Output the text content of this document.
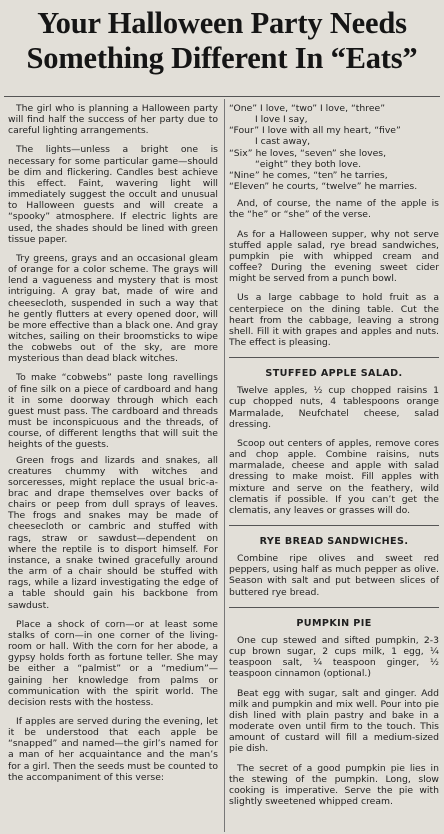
Your Halloween Party Needs
Something Different In “Eats”

The girl who is planning a Halloween party will find half the success of her party due to careful lighting arrangements.

The lights—unless a bright one is necessary for some particular game—should be dim and flickering. Candles best achieve this effect. Faint, wavering light will immediately suggest the occult and unusual to Halloween guests and will create a “spooky” atmosphere. If electric lights are used, the shades should be lined with green tissue paper.

Try greens, grays and an occasional gleam of orange for a color scheme. The grays will lend a vagueness and mystery that is most intriguing. A gray bat, made of wire and cheesecloth, suspended in such a way that he gently flutters at every opened door, will be more effective than a black one. And gray witches, sailing on their broomsticks to wipe the cobwebs out of the sky, are more mysterious than dead black witches.

To make “cobwebs” paste long ravellings of fine silk on a piece of cardboard and hang it in some doorway through which each guest must pass. The cardboard and threads must be inconspicuous and the threads, of course, of different lengths that will suit the heights of the guests.

Green frogs and lizards and snakes, all creatures chummy with witches and sorceresses, might replace the usual bric-a-brac and drape themselves over backs of chairs or peep from dull sprays of leaves. The frogs and snakes may be made of cheesecloth or cambric and stuffed with rags, straw or sawdust—dependent on where the reptile is to disport himself. For instance, a snake twined gracefully around the arm of a chair should be stuffed with rags, while a lizard investigating the edge of a table should gain his backbone from sawdust.

Place a shock of corn—or at least some stalks of corn—in one corner of the living-room or hall. With the corn for her abode, a gypsy holds forth as fortune teller. She may be either a “palmist” or a “medium”—gaining her knowledge from palms or communication with the spirit world. The decision rests with the hostess.

If apples are served during the evening, let it be understood that each apple be “snapped” and named—the girl’s named for a man of her acquaintance and the man’s for a girl. Then the seeds must be counted to the accompaniment of this verse:

“One” I love, “two” I love, “three”
I love I say,
“Four” I love with all my heart, “five”
I cast away,
“Six” he loves, “seven” she loves,
“eight” they both love.
“Nine” he comes, “ten” he tarries,
“Eleven” he courts, “twelve” he marries.

And, of course, the name of the apple is the “he” or “she” of the verse.

As for a Halloween supper, why not serve stuffed apple salad, rye bread sandwiches, pumpkin pie with whipped cream and coffee? During the evening sweet cider might be served from a punch bowl.

Us a large cabbage to hold fruit as a centerpiece on the dining table. Cut the heart from the cabbage, leaving a strong shell. Fill it with grapes and apples and nuts. The effect is pleasing.

STUFFED APPLE SALAD.

Twelve apples, ½ cup chopped raisins 1 cup chopped nuts, 4 tablespoons orange Marmalade, Neufchatel cheese, salad dressing.

Scoop out centers of apples, remove cores and chop apple. Combine raisins, nuts marmalade, cheese and apple with salad dressing to make moist. Fill apples with mixture and serve on the feathery, wild clematis if possible. If you can’t get the clematis, any leaves or grasses will do.

RYE BREAD SANDWICHES.

Combine ripe olives and sweet red peppers, using half as much pepper as olive. Season with salt and put between slices of buttered rye bread.

PUMPKIN PIE

One cup stewed and sifted pumpkin, 2-3 cup brown sugar, 2 cups milk, 1 egg, ¼ teaspoon salt, ¼ teaspoon ginger, ½ teaspoon cinnamon (optional.)

Beat egg with sugar, salt and ginger. Add milk and pumpkin and mix well. Pour into pie dish lined with plain pastry and bake in a moderate oven until firm to the touch. This amount of custard will fill a medium-sized pie dish.

The secret of a good pumpkin pie lies in the stewing of the pumpkin. Long, slow cooking is imperative. Serve the pie with slightly sweetened whipped cream.
